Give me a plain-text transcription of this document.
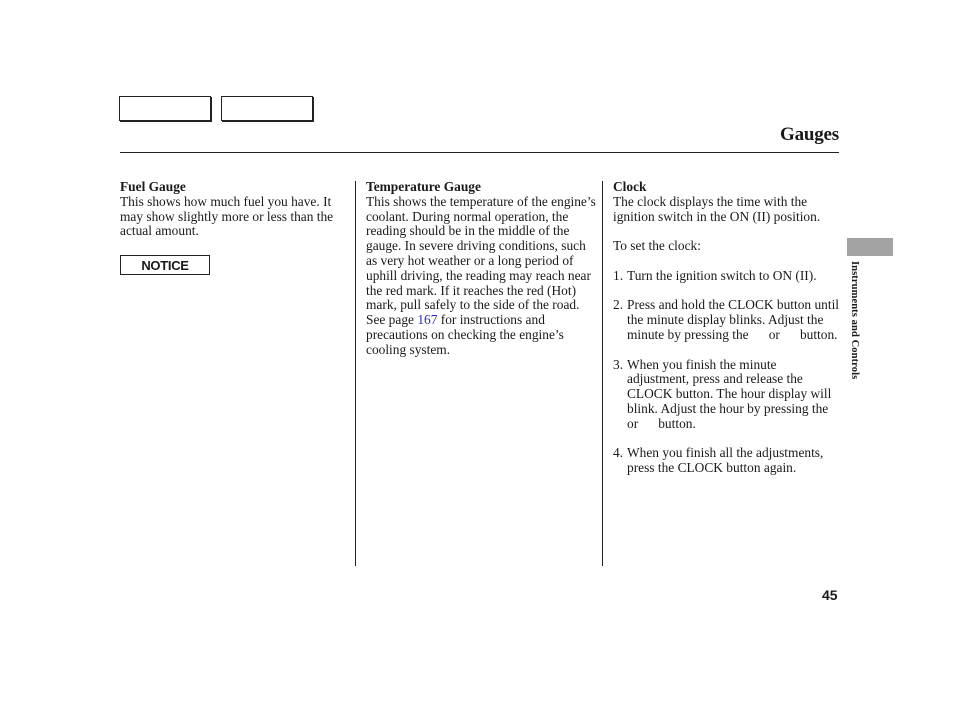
Gauges
Fuel Gauge

This shows how much fuel you have. It may show slightly more or less than the actual amount.

NOTICE
Temperature Gauge

This shows the temperature of the engine’s coolant. During normal operation, the reading should be in the middle of the gauge. In severe driving conditions, such as very hot weather or a long period of uphill driving, the reading may reach near the red mark. If it reaches the red (Hot) mark, pull safely to the side of the road. See page 167 for instructions and precautions on checking the engine’s cooling system.

Clock

The clock displays the time with the ignition switch in the ON (II) position.

To set the clock:

1. Turn the ignition switch to ON (II).
2. Press and hold the CLOCK button until the minute display blinks. Adjust the minute by pressing the      or      button.
3. When you finish the minute adjustment, press and release the CLOCK button. The hour display will blink. Adjust the hour by pressing the      or      button.
4. When you finish all the adjustments, press the CLOCK button again.
Instruments and Controls
45
